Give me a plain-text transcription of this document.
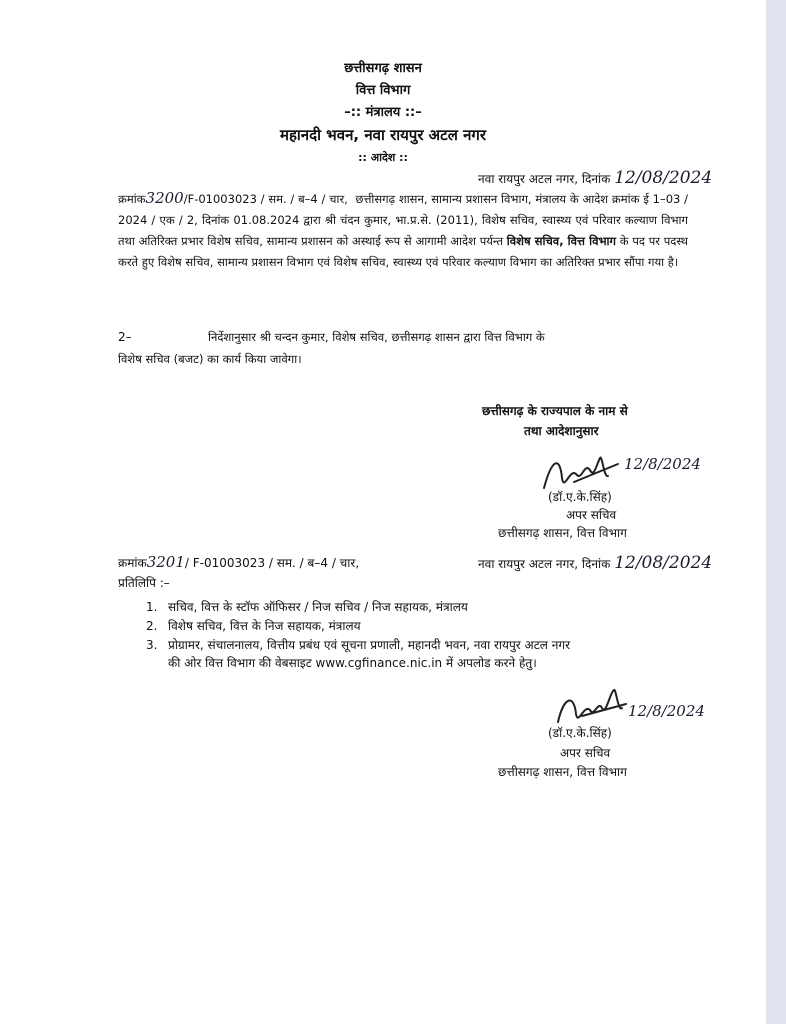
छत्तीसगढ़ शासन
वित्त विभाग
–:: मंत्रालय ::–
महानदी भवन, नवा रायपुर अटल नगर
:: आदेश ::
नवा रायपुर अटल नगर, दिनांक 12/08/2024
क्रमांक3200/F-01003023 / सम. / ब–4 / चार, छत्तीसगढ़ शासन, सामान्य प्रशासन विभाग, मंत्रालय के आदेश क्रमांक ई 1–03 / 2024 / एक / 2, दिनांक 01.08.2024 द्वारा श्री चंदन कुमार, भा.प्र.से. (2011), विशेष सचिव, स्वास्थ्य एवं परिवार कल्याण विभाग तथा अतिरिक्त प्रभार विशेष सचिव, सामान्य प्रशासन को अस्थाई रूप से आगामी आदेश पर्यन्त विशेष सचिव, वित्त विभाग के पद पर पदस्थ करते हुए विशेष सचिव, सामान्य प्रशासन विभाग एवं विशेष सचिव, स्वास्थ्य एवं परिवार कल्याण विभाग का अतिरिक्त प्रभार सौंपा गया है।
2–	निर्देशानुसार श्री चन्दन कुमार, विशेष सचिव, छत्तीसगढ़ शासन द्वारा वित्त विभाग के
विशेष सचिव (बजट) का कार्य किया जावेगा।
छत्तीसगढ़ के राज्यपाल के नाम से
तथा आदेशानुसार
12/8/2024
(डॉ.ए.के.सिंह)
अपर सचिव
छत्तीसगढ़ शासन, वित्त विभाग
क्रमांक3201/ F-01003023 / सम. / ब–4 / चार,	नवा रायपुर अटल नगर, दिनांक 12/08/2024
प्रतिलिपि :–
1. सचिव, वित्त के स्टॉफ ऑफिसर / निज सचिव / निज सहायक, मंत्रालय
2. विशेष सचिव, वित्त के निज सहायक, मंत्रालय
3. प्रोग्रामर, संचालनालय, वित्तीय प्रबंध एवं सूचना प्रणाली, महानदी भवन, नवा रायपुर अटल नगर
की ओर वित्त विभाग की वेबसाइट www.cgfinance.nic.in में अपलोड करने हेतु।
12/8/2024
(डॉ.ए.के.सिंह)
अपर सचिव
छत्तीसगढ़ शासन, वित्त विभाग
